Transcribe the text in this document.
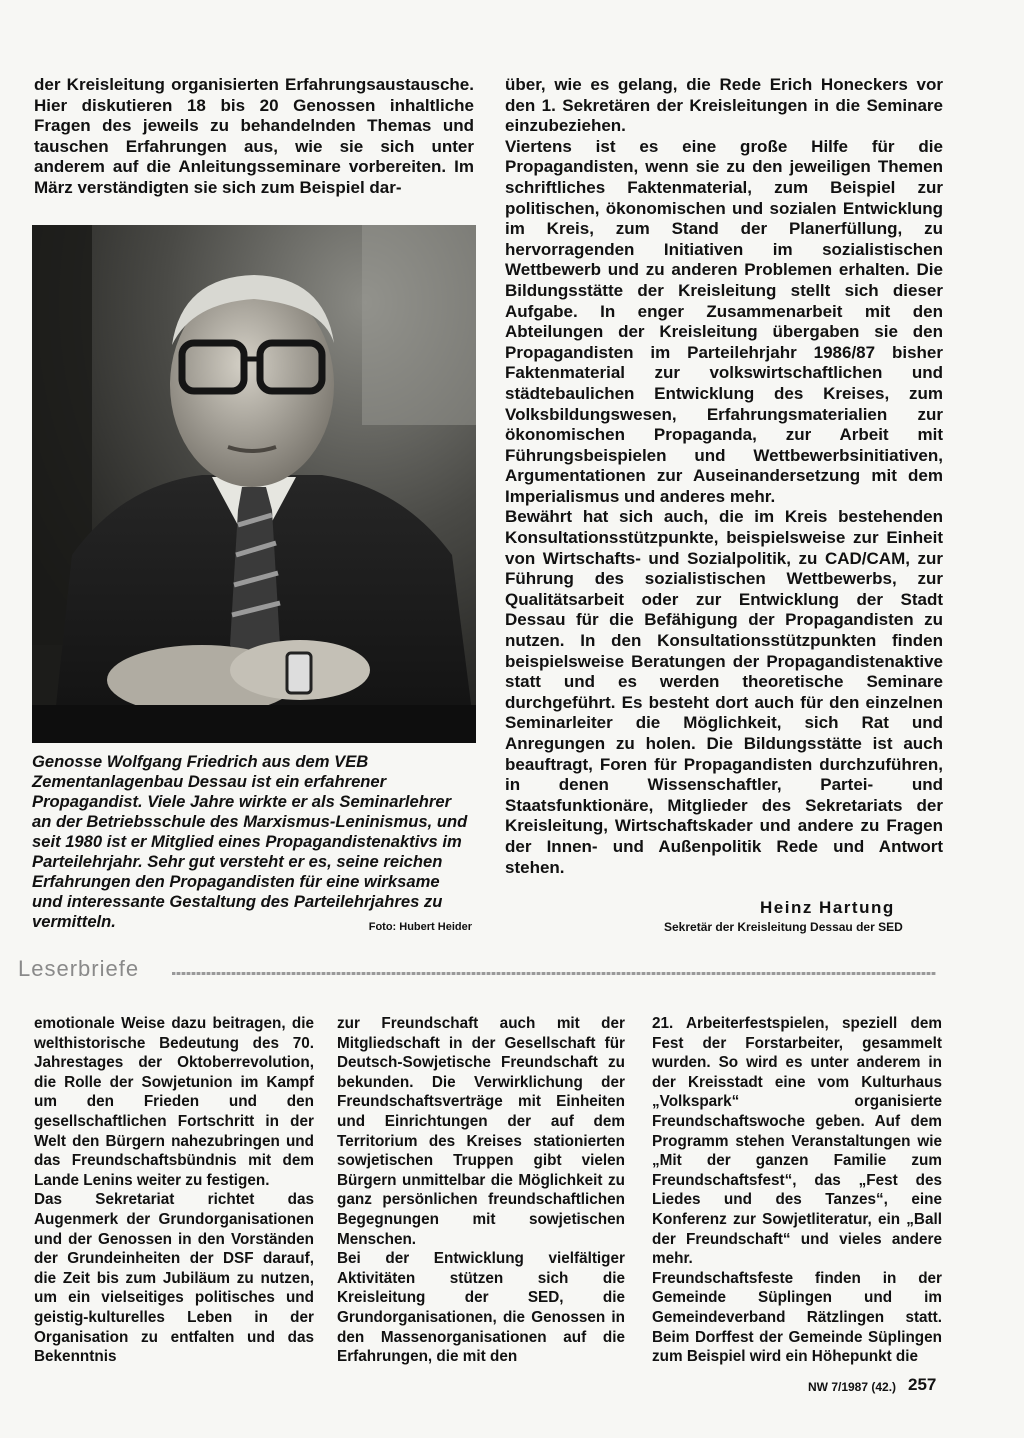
der Kreisleitung organisierten Erfahrungsaustausche. Hier diskutieren 18 bis 20 Genossen inhaltliche Fragen des jeweils zu behandelnden Themas und tauschen Erfahrungen aus, wie sie sich unter anderem auf die Anleitungsseminare vorbereiten. Im März verständigten sie sich zum Beispiel dar-

Genosse Wolfgang Friedrich aus dem VEB Zementanlagenbau Dessau ist ein erfahrener Propagandist. Viele Jahre wirkte er als Seminarlehrer an der Betriebsschule des Marxismus-Leninismus, und seit 1980 ist er Mitglied eines Propagandistenaktivs im Parteilehrjahr. Sehr gut versteht er es, seine reichen Erfahrungen den Propagandisten für eine wirksame und interessante Gestaltung des Parteilehrjahres zu vermitteln.	Foto: Hubert Heider

über, wie es gelang, die Rede Erich Honeckers vor den 1. Sekretären der Kreisleitungen in die Seminare einzubeziehen.

Viertens ist es eine große Hilfe für die Propagandisten, wenn sie zu den jeweiligen Themen schriftliches Faktenmaterial, zum Beispiel zur politischen, ökonomischen und sozialen Entwicklung im Kreis, zum Stand der Planerfüllung, zu hervorragenden Initiativen im sozialistischen Wettbewerb und zu anderen Problemen erhalten. Die Bildungsstätte der Kreisleitung stellt sich dieser Aufgabe. In enger Zusammenarbeit mit den Abteilungen der Kreisleitung übergaben sie den Propagandisten im Parteilehrjahr 1986/87 bisher Faktenmaterial zur volkswirtschaftlichen und städtebaulichen Entwicklung des Kreises, zum Volksbildungswesen, Erfahrungsmaterialien zur ökonomischen Propaganda, zur Arbeit mit Führungsbeispielen und Wettbewerbsinitiativen, Argumentationen zur Auseinandersetzung mit dem Imperialismus und anderes mehr.

Bewährt hat sich auch, die im Kreis bestehenden Konsultationsstützpunkte, beispielsweise zur Einheit von Wirtschafts- und Sozialpolitik, zu CAD/CAM, zur Führung des sozialistischen Wettbewerbs, zur Qualitätsarbeit oder zur Entwicklung der Stadt Dessau für die Befähigung der Propagandisten zu nutzen. In den Konsultationsstützpunkten finden beispielsweise Beratungen der Propagandistenaktive statt und es werden theoretische Seminare durchgeführt. Es besteht dort auch für den einzelnen Seminarleiter die Möglichkeit, sich Rat und Anregungen zu holen. Die Bildungsstätte ist auch beauftragt, Foren für Propagandisten durchzuführen, in denen Wissenschaftler, Partei- und Staatsfunktionäre, Mitglieder des Sekretariats der Kreisleitung, Wirtschaftskader und andere zu Fragen der Innen- und Außenpolitik Rede und Antwort stehen.

Heinz Hartung
Sekretär der Kreisleitung Dessau der SED
Leserbriefe

emotionale Weise dazu beitragen, die welthistorische Bedeutung des 70. Jahrestages der Oktoberrevolution, die Rolle der Sowjetunion im Kampf um den Frieden und den gesellschaftlichen Fortschritt in der Welt den Bürgern nahezubringen und das Freundschaftsbündnis mit dem Lande Lenins weiter zu festigen.

Das Sekretariat richtet das Augenmerk der Grundorganisationen und der Genossen in den Vorständen der Grundeinheiten der DSF darauf, die Zeit bis zum Jubiläum zu nutzen, um ein vielseitiges politisches und geistig-kulturelles Leben in der Organisation zu entfalten und das Bekenntnis

zur Freundschaft auch mit der Mitgliedschaft in der Gesellschaft für Deutsch-Sowjetische Freundschaft zu bekunden. Die Verwirklichung der Freundschaftsverträge mit Einheiten und Einrichtungen der auf dem Territorium des Kreises stationierten sowjetischen Truppen gibt vielen Bürgern unmittelbar die Möglichkeit zu ganz persönlichen freundschaftlichen Begegnungen mit sowjetischen Menschen.

Bei der Entwicklung vielfältiger Aktivitäten stützen sich die Kreisleitung der SED, die Grundorganisationen, die Genossen in den Massenorganisationen auf die Erfahrungen, die mit den

21. Arbeiterfestspielen, speziell dem Fest der Forstarbeiter, gesammelt wurden. So wird es unter anderem in der Kreisstadt eine vom Kulturhaus „Volkspark“ organisierte Freundschaftswoche geben. Auf dem Programm stehen Veranstaltungen wie „Mit der ganzen Familie zum Freundschaftsfest“, das „Fest des Liedes und des Tanzes“, eine Konferenz zur Sowjetliteratur, ein „Ball der Freundschaft“ und vieles andere mehr.

Freundschaftsfeste finden in der Gemeinde Süplingen und im Gemeindeverband Rätzlingen statt. Beim Dorffest der Gemeinde Süplingen zum Beispiel wird ein Höhepunkt die

NW 7/1987 (42.) 257
